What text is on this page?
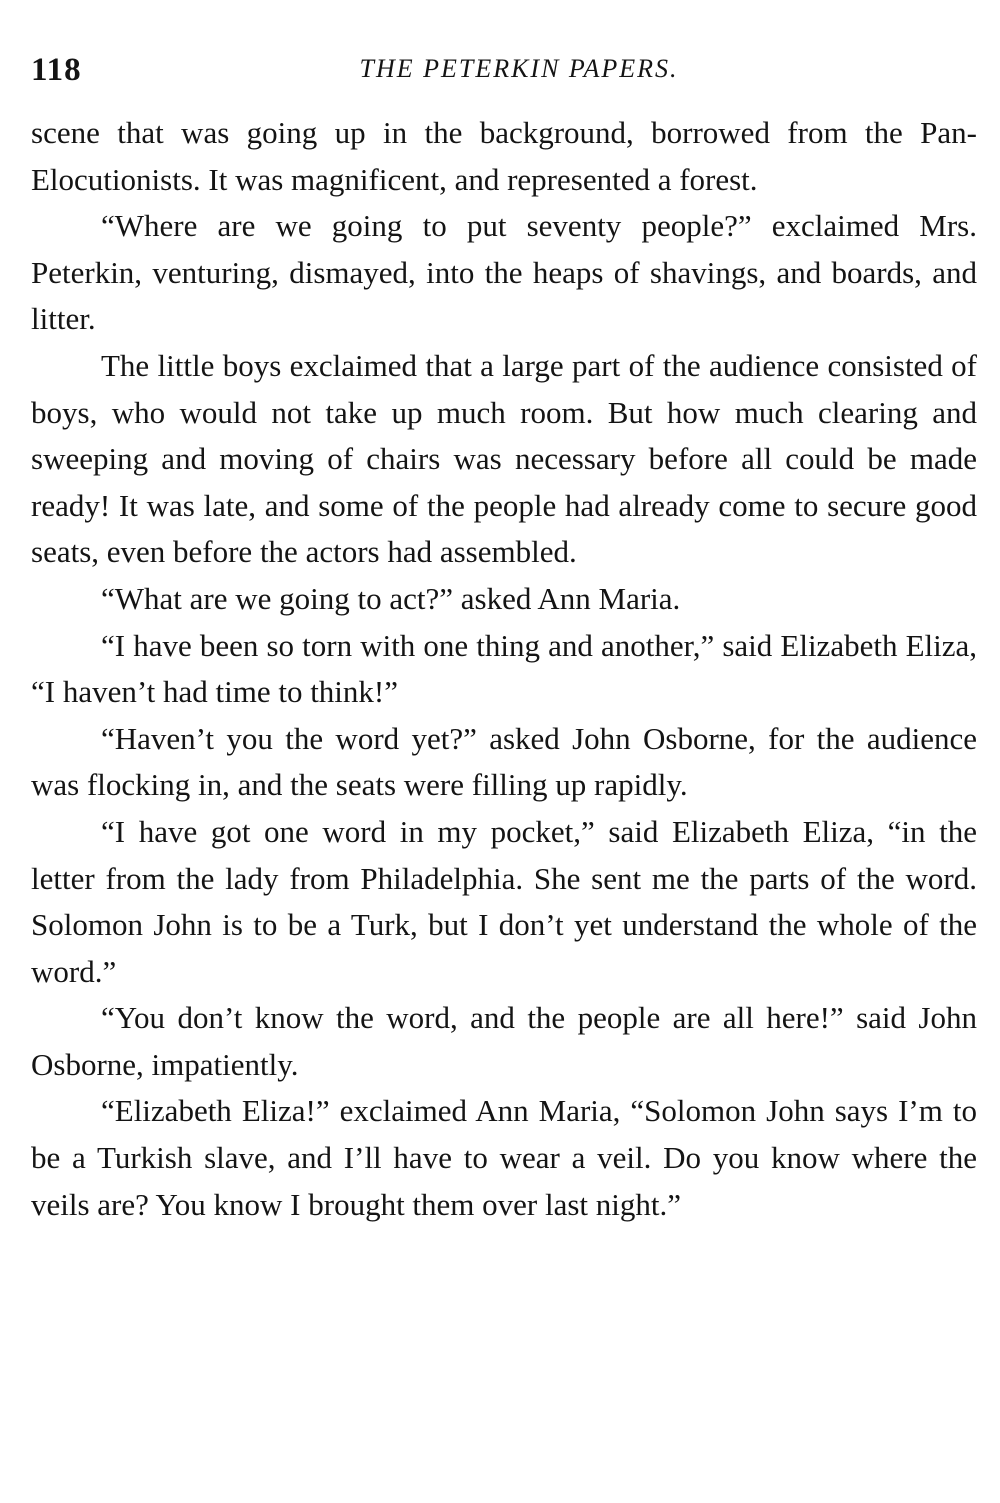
118	THE PETERKIN PAPERS.

scene that was going up in the background, borrowed from the Pan-Elocutionists. It was magnificent, and represented a forest.

“Where are we going to put seventy people?” exclaimed Mrs. Peterkin, venturing, dismayed, into the heaps of shavings, and boards, and litter.

The little boys exclaimed that a large part of the audience consisted of boys, who would not take up much room. But how much clearing and sweeping and moving of chairs was necessary before all could be made ready! It was late, and some of the people had already come to secure good seats, even before the actors had assembled.

“What are we going to act?” asked Ann Maria.

“I have been so torn with one thing and another,” said Elizabeth Eliza, “I haven’t had time to think!”

“Haven’t you the word yet?” asked John Osborne, for the audience was flocking in, and the seats were filling up rapidly.

“I have got one word in my pocket,” said Elizabeth Eliza, “in the letter from the lady from Philadelphia. She sent me the parts of the word. Solomon John is to be a Turk, but I don’t yet understand the whole of the word.”

“You don’t know the word, and the people are all here!” said John Osborne, impatiently.

“Elizabeth Eliza!” exclaimed Ann Maria, “Solomon John says I’m to be a Turkish slave, and I’ll have to wear a veil. Do you know where the veils are? You know I brought them over last night.”
